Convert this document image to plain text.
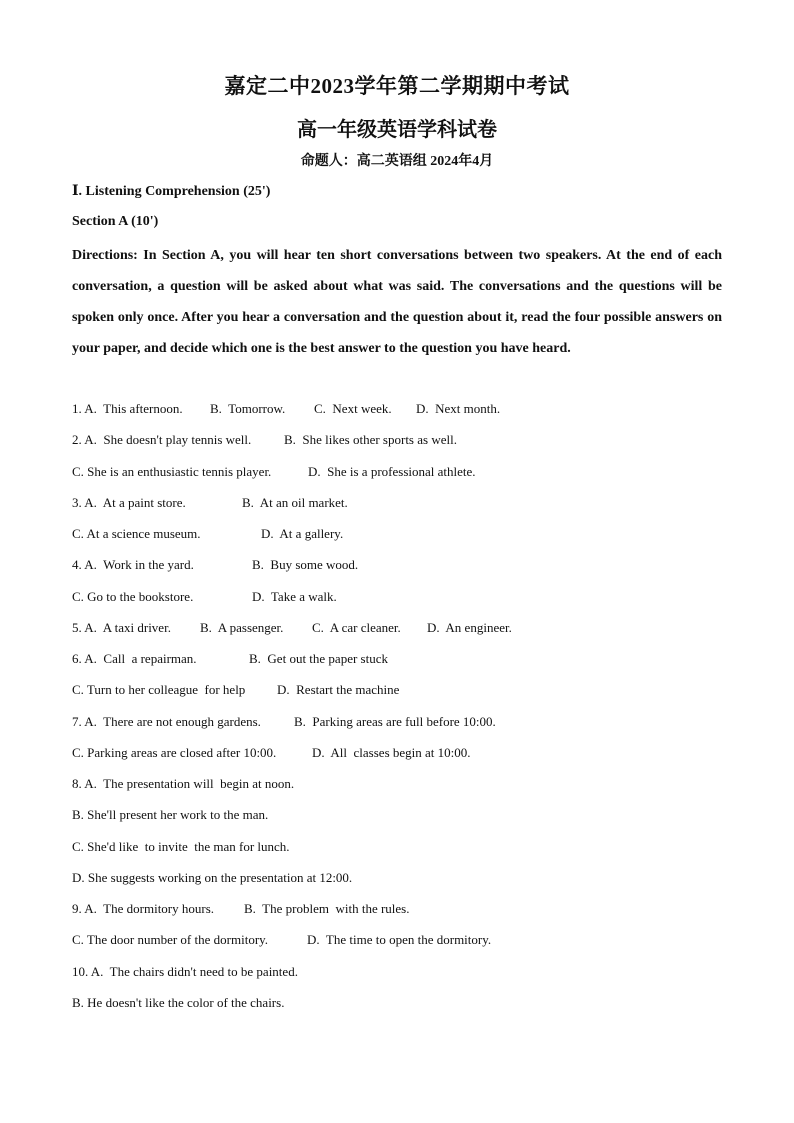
嘉定二中2023学年第二学期期中考试
高一年级英语学科试卷
命题人：高二英语组 2024年4月
Ⅰ. Listening Comprehension (25')
Section A (10')
Directions: In Section A, you will hear ten short conversations between two speakers. At the end of each conversation, a question will be asked about what was said. The conversations and the questions will be spoken only once. After you hear a conversation and the question about it, read the four possible answers on your paper, and decide which one is the best answer to the question you have heard.
1. A.  This afternoon. B.  Tomorrow. C.  Next week. D.  Next month.
2. A.  She doesn't play tennis well.	B.  She likes other sports as well.
C. She is an enthusiastic tennis player.	D.  She is a professional athlete.
3. A.  At a paint store.	B.  At an oil market.
C. At a science museum.	D.  At a gallery.
4. A.  Work in the yard.	B.  Buy some wood.
C. Go to the bookstore.	D.  Take a walk.
5. A.  A taxi driver. B.  A passenger. C.  A car cleaner. D.  An engineer.
6. A.  Call  a repairman.	B.  Get out the paper stuck
C. Turn to her colleague  for help D.  Restart the machine
7. A.  There are not enough gardens.	B.  Parking areas are full before 10:00.
C. Parking areas are closed after 10:00.	D.  All  classes begin at 10:00.
8. A.  The presentation will  begin at noon.
B. She'll present her work to the man.
C. She'd like  to invite  the man for lunch.
D. She suggests working on the presentation at 12:00.
9. A.  The dormitory hours. B.  The problem  with the rules.
C. The door number of the dormitory.	D.  The time to open the dormitory.
10. A.  The chairs didn't need to be painted.
B. He doesn't like the color of the chairs.
